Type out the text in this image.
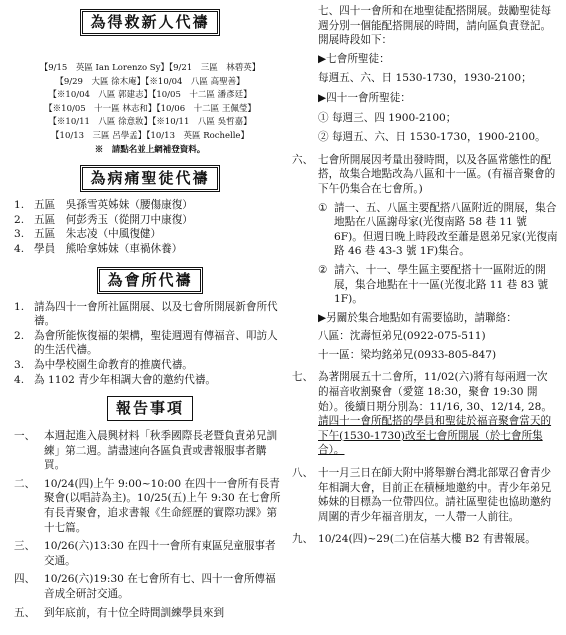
為得救新人代禱
【9/15　英區 Ian Lorenzo Sy】【9/21　三區　林碧英】
【9/29　大區 徐木庵】【※10/04　八區 高聖善】
【※10/04　八區 郭建志】【10/05　十二區 潘彥廷】
【※10/05　十一區 林志和】【10/06　十二區 王佩瑩】
【※10/11　八區 徐意妝】【※10/11　八區 吳哲嘉】
【10/13　三區 呂學孟】【10/13　英區 Rochelle】
※　請點名並上網補登資料。
為病痛聖徒代禱
1. 五區　吳孫雪英姊妹（腰傷康復）
2. 五區　何彭秀玉（從開刀中康復）
3. 五區　朱志凌（中風復健）
4. 學員　熊哈拿姊妹（車禍休養）
為會所代禱
1. 請為四十一會所社區開展、以及七會所開展新會所代禱。
2. 為會所能恢復福的架構，聖徒週週有傳福音、叩訪人的生活代禱。
3. 為中學校園生命教育的推廣代禱。
4. 為 1102 青少年相調大會的邀約代禱。
報告事項
一、 本週起進入晨興材料「秋季國際長老暨負責弟兄訓練」第二週。請盡速向各區負責或書報服事者購買。
二、 10/24(四)上午 9:00~10:00 在四十一會所有長青聚會(以唱詩為主)。10/25(五)上午 9:30 在七會所有長青聚會，追求書報《生命經歷的實際功課》第十七篇。
三、 10/26(六)13:30 在四十一會所有東區兒童服事者交通。
四、 10/26(六)19:30 在七會所有七、四十一會所傳福音成全研討交通。
五、 到年底前，有十位全時間訓練學員來到
七、四十一會所和在地聖徒配搭開展。鼓勵聖徒每週分別一個能配搭開展的時間，請向區負責登記。開展時段如下：
▶七會所聖徒：
每週五、六、日 1530-1730，1930-2100；
▶四十一會所聖徒：
① 每週三、四 1900-2100；
② 每週五、六、日 1530-1730，1900-2100。
六、 七會所開展因考量出發時間，以及各區常態性的配搭，故集合地點改為八區和十一區。(有福音聚會的下午仍集合在七會所。)
① 請一、五、八區主要配搭八區附近的開展，集合地點在八區謝母家(光復南路 58 巷 11 號 6F)。但週日晚上時段改至蕭是恩弟兄家(光復南路 46 巷 43-3 號 1F)集合。
② 請六、十一、學生區主要配搭十一區附近的開展，集合地點在十一區(光復北路 11 巷 83 號 1F)。
▶另關於集合地點如有需要協助，請聯絡：
八區：沈壽恒弟兄(0922-075-511)
十一區：梁均銘弟兄(0933-805-847)
七、 為著開展五十二會所，11/02(六)將有每兩週一次的福音收割聚會（愛筵 18:30，聚會 19:30 開始）。後續日期分別為：11/16, 30、12/14, 28。請四十一會所配搭的學員和聖徒於福音聚會當天的下午(1530-1730)改至七會所開展（於七會所集合）。
八、 十一月三日在師大附中將舉辦台灣北部眾召會青少年相調大會，目前正在積極地邀約中。青少年弟兄姊妹的目標為一位帶四位。請社區聖徒也協助邀約周圍的青少年福音朋友，一人帶一人前往。
九、 10/24(四)~29(二)在信基大樓 B2 有書報展。
